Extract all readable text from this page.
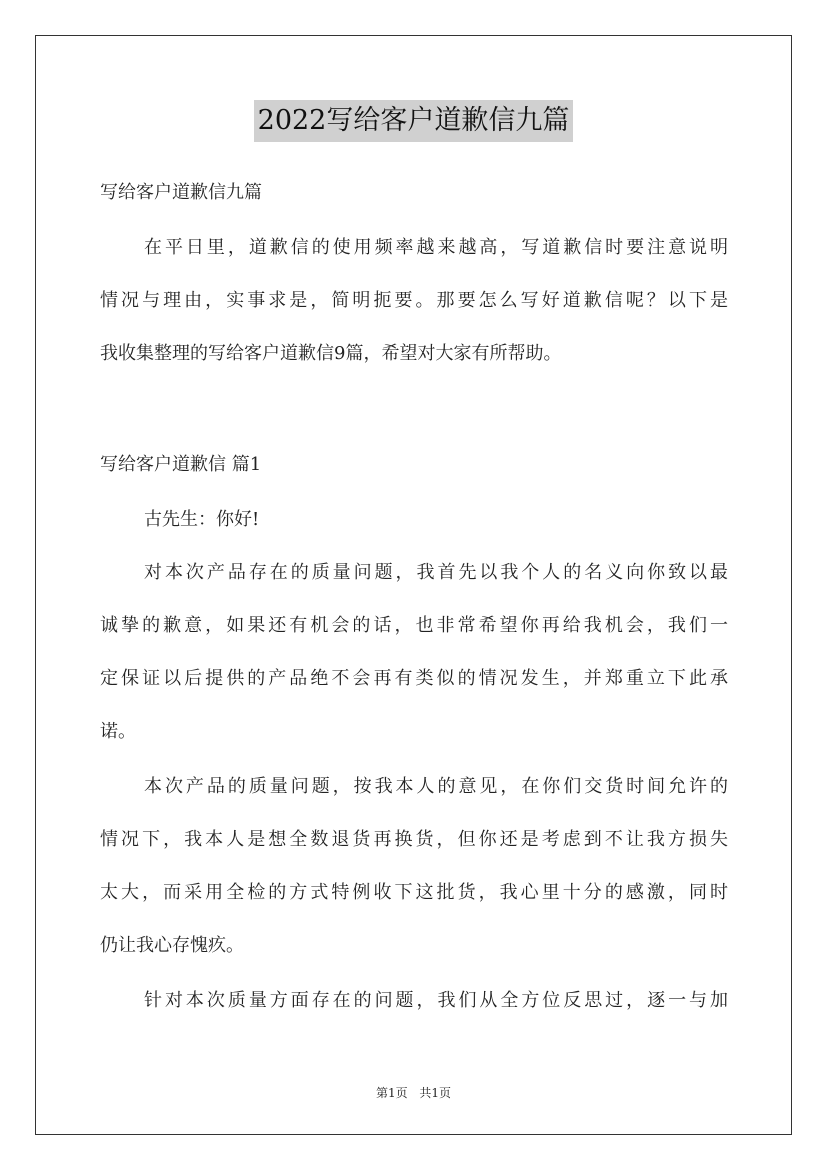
2022写给客户道歉信九篇
写给客户道歉信九篇
在平日里，道歉信的使用频率越来越高，写道歉信时要注意说明
情况与理由，实事求是，简明扼要。那要怎么写好道歉信呢？以下是
我收集整理的写给客户道歉信9篇，希望对大家有所帮助。
写给客户道歉信 篇1
古先生：你好!
对本次产品存在的质量问题，我首先以我个人的名义向你致以最
诚挚的歉意，如果还有机会的话，也非常希望你再给我机会，我们一
定保证以后提供的产品绝不会再有类似的情况发生，并郑重立下此承
诺。
本次产品的质量问题，按我本人的意见，在你们交货时间允许的
情况下，我本人是想全数退货再换货，但你还是考虑到不让我方损失
太大，而采用全检的方式特例收下这批货，我心里十分的感激，同时
仍让我心存愧疚。
针对本次质量方面存在的问题，我们从全方位反思过，逐一与加
第1页 共1页
